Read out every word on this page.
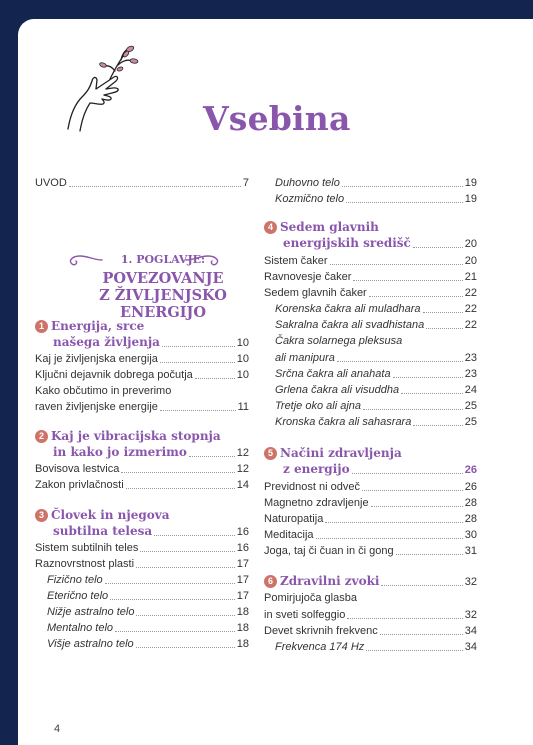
Vsebina
UVOD	7
1. POGLAVJE:
POVEZOVANJE
Z ŽIVLJENJSKO
ENERGIJO
1 Energija, srce
našega življenja	10
Kaj je življenjska energija	10
Ključni dejavnik dobrega počutja	10
Kako občutimo in preverimo
raven življenjske energije	11
2 Kaj je vibracijska stopnja
in kako jo izmerimo	12
Bovisova lestvica	12
Zakon privlačnosti	14
3 Človek in njegova
subtilna telesa	16
Sistem subtilnih teles	16
Raznovrstnost plasti	17
Fizično telo	17
Eterično telo	17
Nižje astralno telo	18
Mentalno telo	18
Višje astralno telo	18
Duhovno telo	19
Kozmično telo	19
4 Sedem glavnih
energijskih središč	20
Sistem čaker	20
Ravnovesje čaker	21
Sedem glavnih čaker	22
Korenska čakra ali muladhara	22
Sakralna čakra ali svadhistana	22
Čakra solarnega pleksusa
ali manipura	23
Srčna čakra ali anahata	23
Grlena čakra ali visuddha	24
Tretje oko ali ajna	25
Kronska čakra ali sahasrara	25
5 Načini zdravljenja
z energijo	26
Previdnost ni odveč	26
Magnetno zdravljenje	28
Naturopatija	28
Meditacija	30
Joga, taj či čuan in či gong	31
6 Zdravilni zvoki	32
Pomirjujoča glasba
in sveti solfeggio	32
Devet skrivnih frekvenc	34
Frekvenca 174 Hz	34
4
